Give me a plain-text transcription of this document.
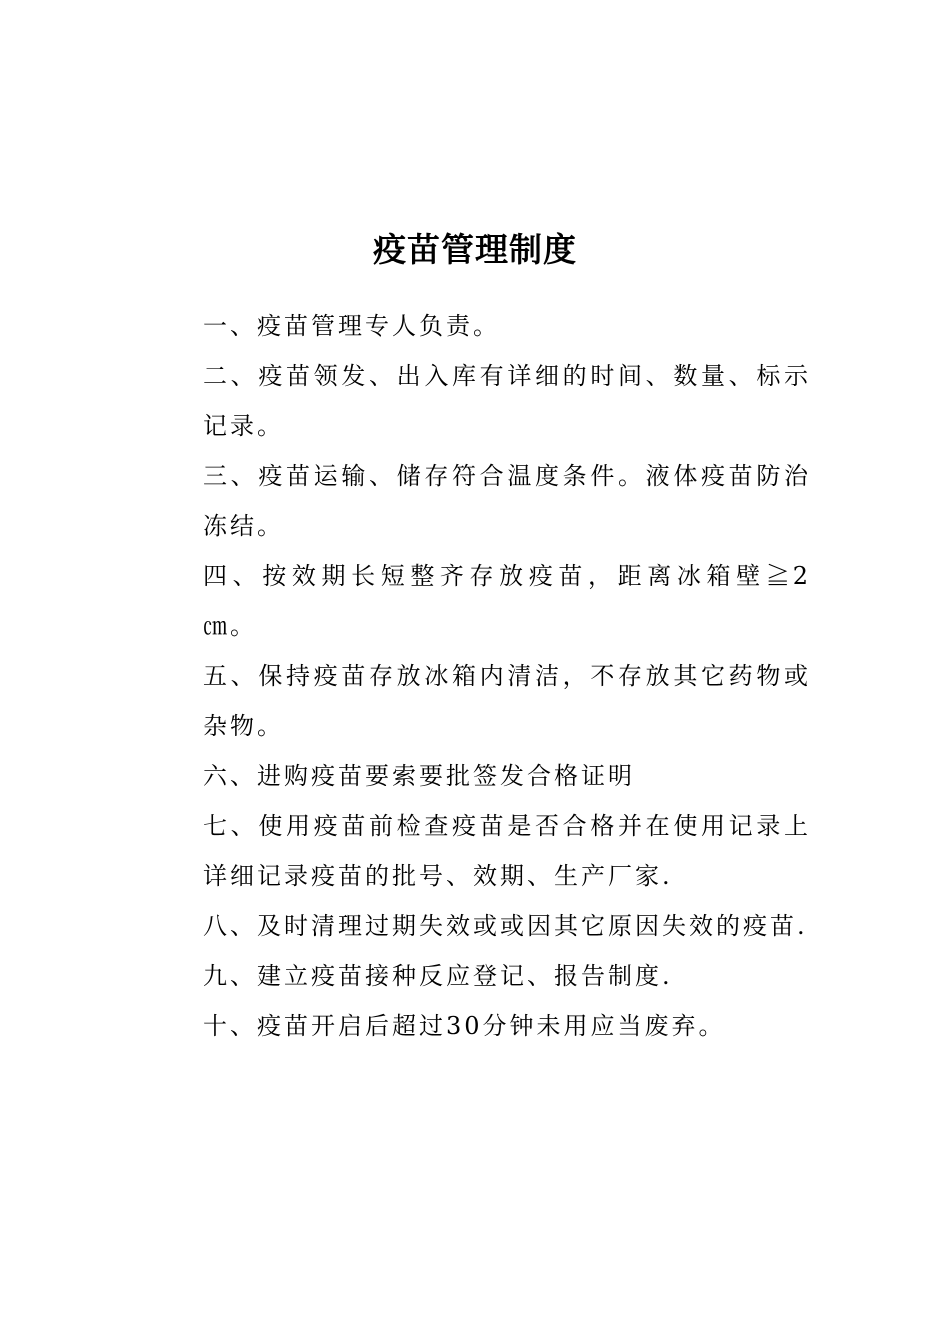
疫苗管理制度

一、疫苗管理专人负责。

二、疫苗领发、出入库有详细的时间、数量、标示记录。

三、疫苗运输、储存符合温度条件。液体疫苗防治冻结。

四、按效期长短整齐存放疫苗，距离冰箱壁≧2㎝。

五、保持疫苗存放冰箱内清洁，不存放其它药物或杂物。

六、进购疫苗要索要批签发合格证明

七、使用疫苗前检查疫苗是否合格并在使用记录上详细记录疫苗的批号、效期、生产厂家.

八、及时清理过期失效或或因其它原因失效的疫苗.

九、建立疫苗接种反应登记、报告制度.

十、疫苗开启后超过30分钟未用应当废弃。
